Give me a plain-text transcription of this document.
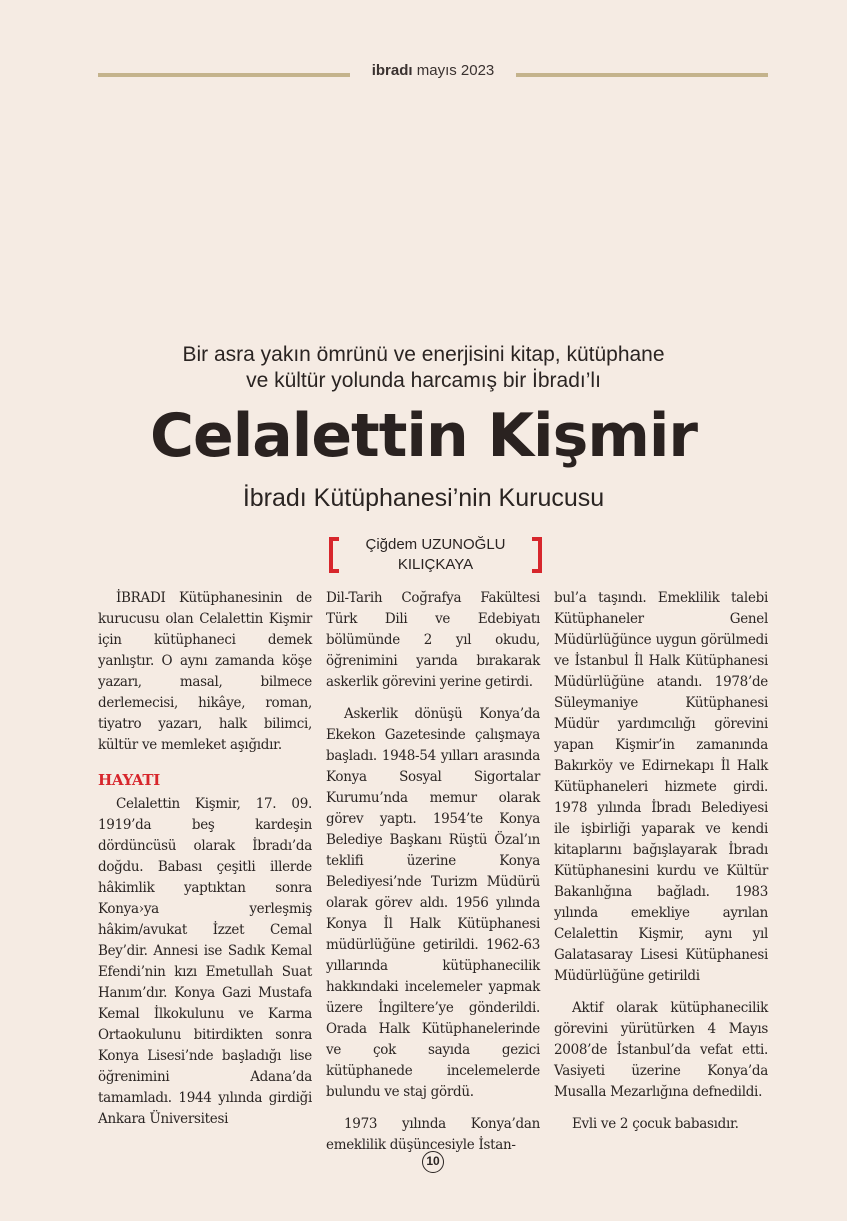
ibradı mayıs 2023
Bir asra yakın ömrünü ve enerjisini kitap, kütüphane
ve kültür yolunda harcamış bir İbradı’lı
Celalettin Kişmir
İbradı Kütüphanesi’nin Kurucusu
Çiğdem UZUNOĞLU
KILIÇKAYA

İBRADI Kütüphanesinin de kurucusu olan Celalettin Kişmir için kütüphaneci demek yanlıştır. O aynı zamanda köşe yazarı, masal, bilmece derlemecisi, hikâye, roman, tiyatro yazarı, halk bilimci, kültür ve memleket aşığıdır.

HAYATI

Celalettin Kişmir, 17. 09. 1919’da beş kardeşin dördüncüsü olarak İbradı’da doğdu. Babası çeşitli illerde hâkimlik yaptıktan sonra Konya›ya yerleşmiş hâkim/avukat İzzet Cemal Bey’dir. Annesi ise Sadık Kemal Efendi’nin kızı Emetullah Suat Hanım’dır. Konya Gazi Mustafa Kemal İlkokulunu ve Karma Ortaokulunu bitirdikten sonra Konya Lisesi’nde başladığı lise öğrenimini Adana’da tamamladı. 1944 yılında girdiği Ankara Üniversitesi

Dil-Tarih Coğrafya Fakültesi Türk Dili ve Edebiyatı bölümünde 2 yıl okudu, öğrenimini yarıda bırakarak askerlik görevini yerine getirdi.

Askerlik dönüşü Konya’da Ekekon Gazetesinde çalışmaya başladı. 1948-54 yılları arasında Konya Sosyal Sigortalar Kurumu’nda memur olarak görev yaptı. 1954’te Konya Belediye Başkanı Rüştü Özal’ın teklifi üzerine Konya Belediyesi’nde Turizm Müdürü olarak görev aldı. 1956 yılında Konya İl Halk Kütüphanesi müdürlüğüne getirildi. 1962-63 yıllarında kütüphanecilik hakkındaki incelemeler yapmak üzere İngiltere’ye gönderildi. Orada Halk Kütüphanelerinde ve çok sayıda gezici kütüphanede incelemelerde bulundu ve staj gördü.

1973 yılında Konya’dan emeklilik düşüncesiyle İstan-

bul’a taşındı. Emeklilik talebi Kütüphaneler Genel Müdürlüğünce uygun görülmedi ve İstanbul İl Halk Kütüphanesi Müdürlüğüne atandı. 1978’de Süleymaniye Kütüphanesi Müdür yardımcılığı görevini yapan Kişmir’in zamanında Bakırköy ve Edirnekapı İl Halk Kütüphaneleri hizmete girdi. 1978 yılında İbradı Belediyesi ile işbirliği yaparak ve kendi kitaplarını bağışlayarak İbradı Kütüphanesini kurdu ve Kültür Bakanlığına bağladı. 1983 yılında emekliye ayrılan Celalettin Kişmir, aynı yıl Galatasaray Lisesi Kütüphanesi Müdürlüğüne getirildi

Aktif olarak kütüphanecilik görevini yürütürken 4 Mayıs 2008’de İstanbul’da vefat etti. Vasiyeti üzerine Konya’da Musalla Mezarlığına defnedildi.

Evli ve 2 çocuk babasıdır.

10
